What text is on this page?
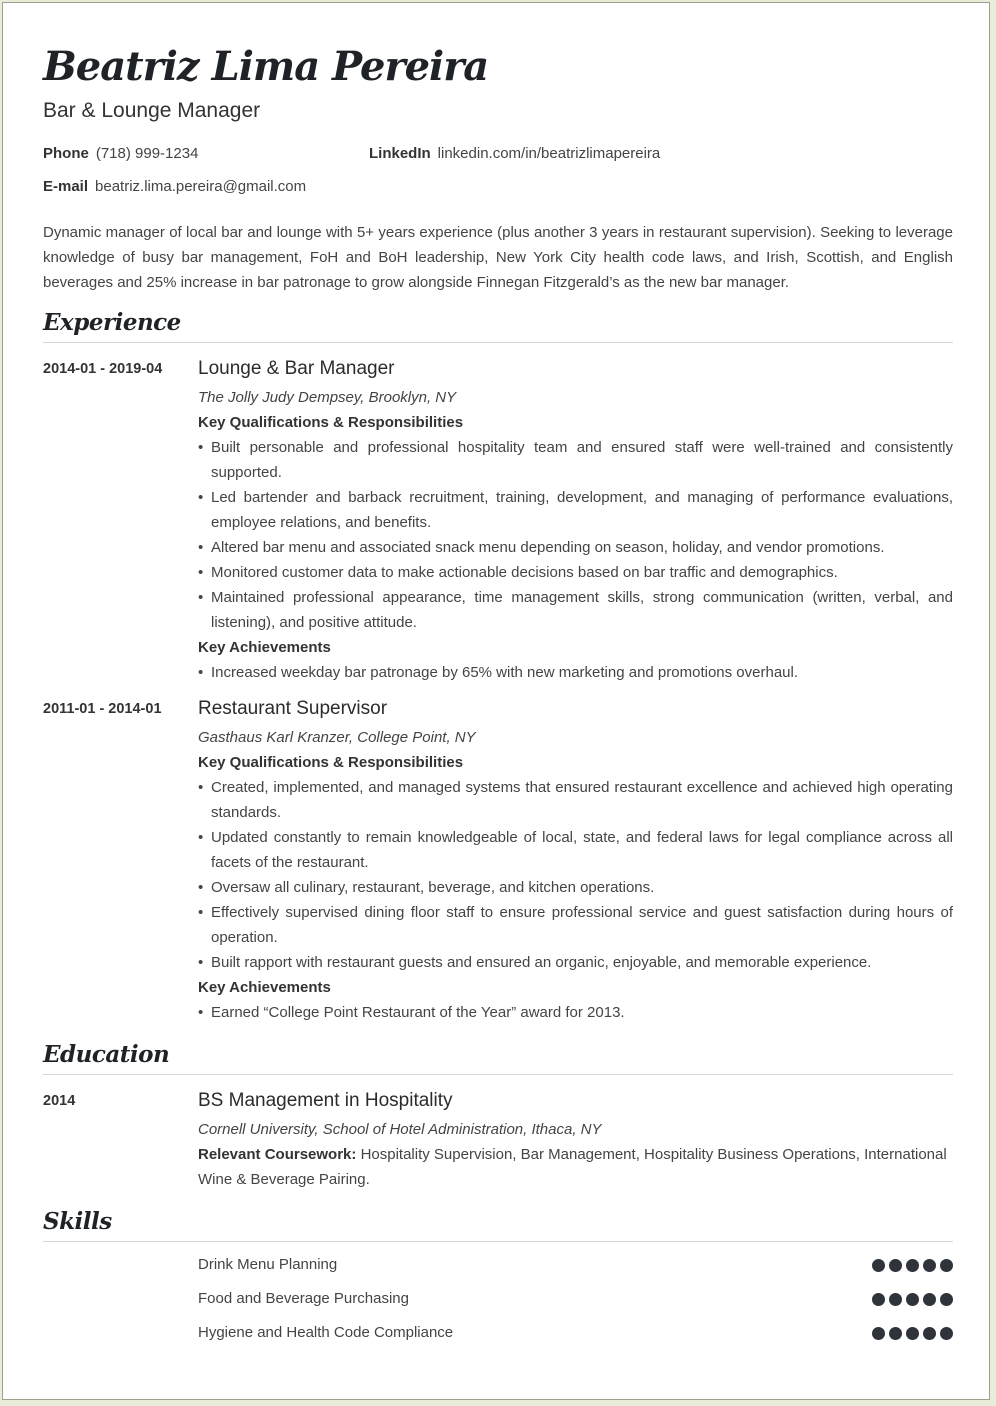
Beatriz Lima Pereira
Bar & Lounge Manager
Phone (718) 999-1234	LinkedIn linkedin.com/in/beatrizlimapereira
E-mail beatriz.lima.pereira@gmail.com
Dynamic manager of local bar and lounge with 5+ years experience (plus another 3 years in restaurant supervision). Seeking to leverage knowledge of busy bar management, FoH and BoH leadership, New York City health code laws, and Irish, Scottish, and English beverages and 25% increase in bar patronage to grow alongside Finnegan Fitzgerald’s as the new bar manager.
Experience
2014-01 - 2019-04 Lounge & Bar Manager
The Jolly Judy Dempsey, Brooklyn, NY
Key Qualifications & Responsibilities
• Built personable and professional hospitality team and ensured staff were well-trained and consistently supported.
• Led bartender and barback recruitment, training, development, and managing of performance evaluations, employee relations, and benefits.
• Altered bar menu and associated snack menu depending on season, holiday, and vendor promotions.
• Monitored customer data to make actionable decisions based on bar traffic and demographics.
• Maintained professional appearance, time management skills, strong communication (written, verbal, and listening), and positive attitude.
Key Achievements
• Increased weekday bar patronage by 65% with new marketing and promotions overhaul.
2011-01 - 2014-01 Restaurant Supervisor
Gasthaus Karl Kranzer, College Point, NY
Key Qualifications & Responsibilities
• Created, implemented, and managed systems that ensured restaurant excellence and achieved high operating standards.
• Updated constantly to remain knowledgeable of local, state, and federal laws for legal compliance across all facets of the restaurant.
• Oversaw all culinary, restaurant, beverage, and kitchen operations.
• Effectively supervised dining floor staff to ensure professional service and guest satisfaction during hours of operation.
• Built rapport with restaurant guests and ensured an organic, enjoyable, and memorable experience.
Key Achievements
• Earned “College Point Restaurant of the Year” award for 2013.
Education
2014	BS Management in Hospitality
Cornell University, School of Hotel Administration, Ithaca, NY
Relevant Coursework: Hospitality Supervision, Bar Management, Hospitality Business Operations, International Wine & Beverage Pairing.
Skills
Drink Menu Planning
Food and Beverage Purchasing
Hygiene and Health Code Compliance
